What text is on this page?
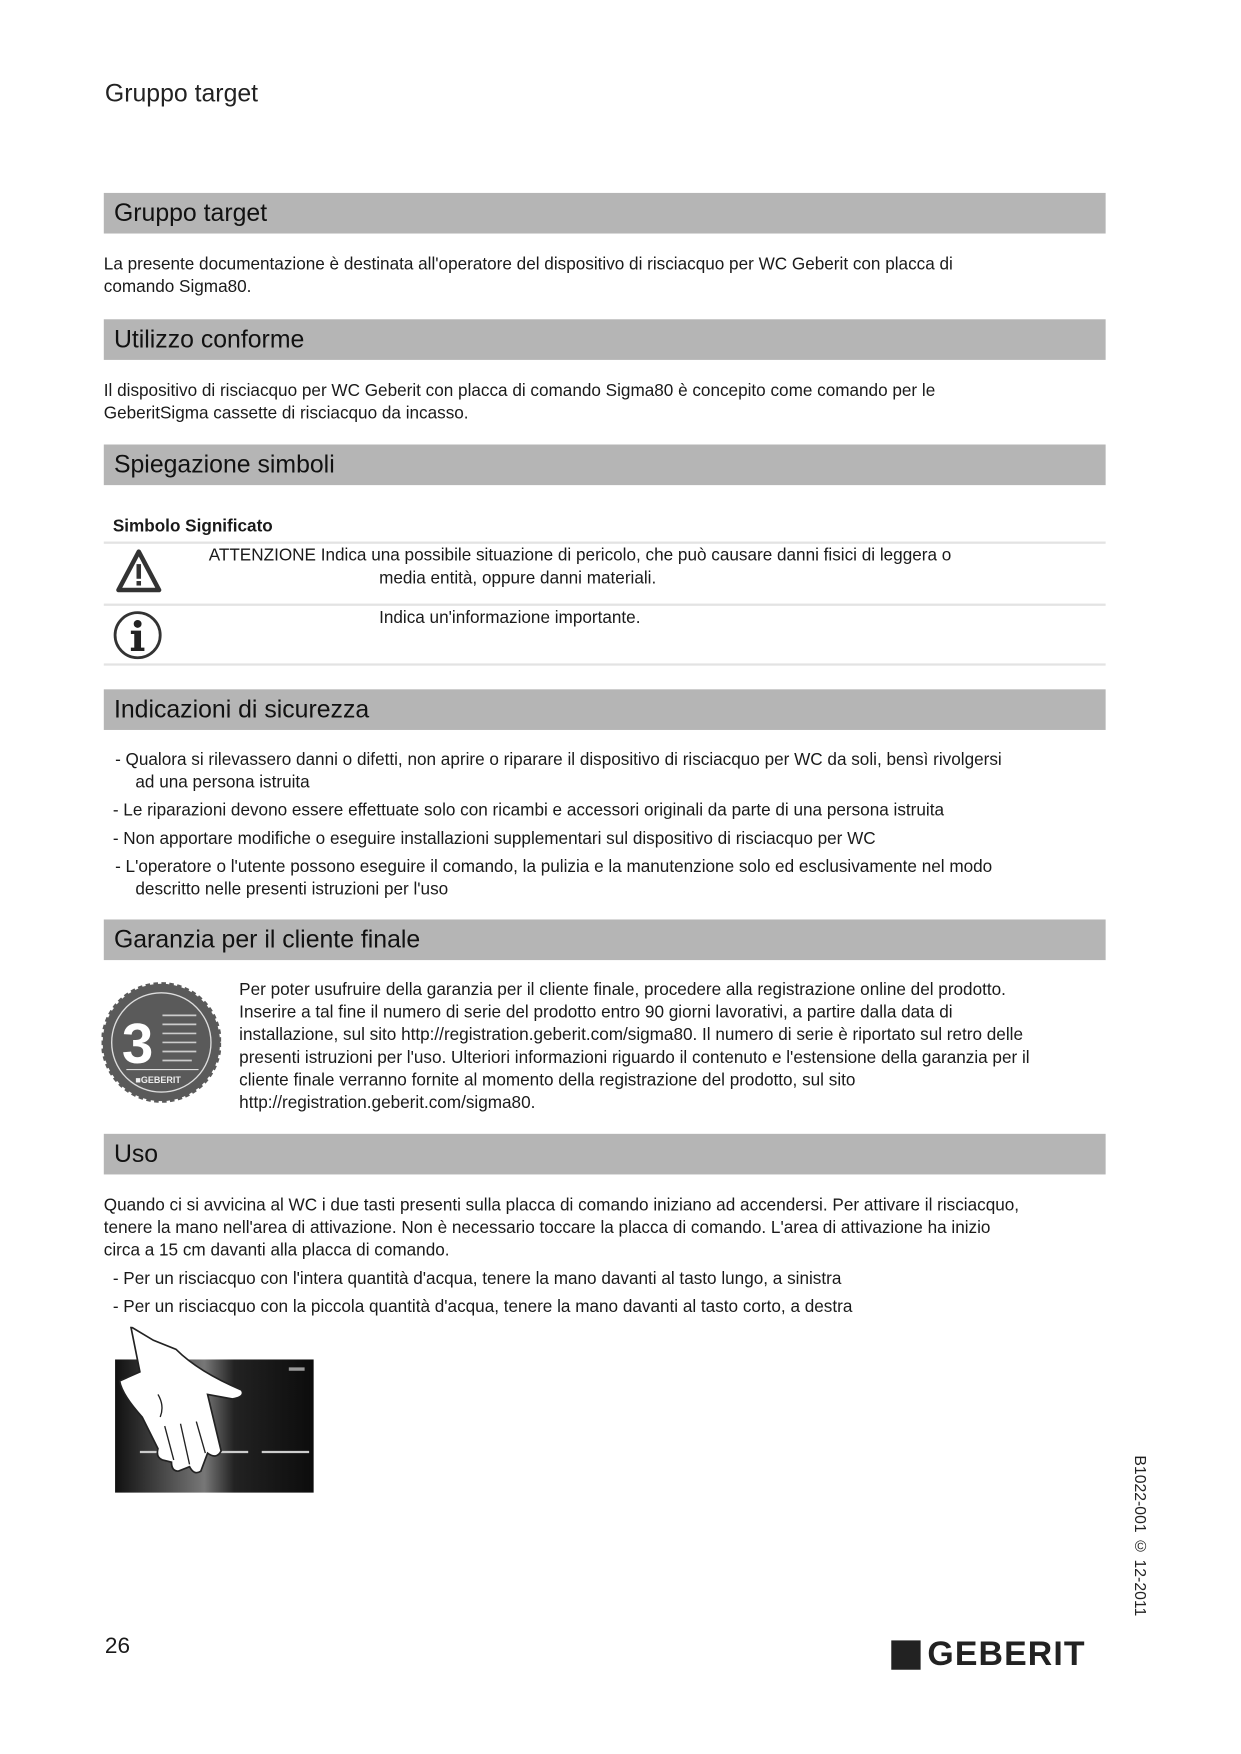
Gruppo target
Gruppo target
La presente documentazione è destinata all'operatore del dispositivo di risciacquo per WC Geberit con placca di
comando Sigma80.
Utilizzo conforme
Il dispositivo di risciacquo per WC Geberit con placca di comando Sigma80 è concepito come comando per le
GeberitSigma cassette di risciacquo da incasso.
Spiegazione simboli
Simbolo Significato
ATTENZIONE Indica una possibile situazione di pericolo, che può causare danni fisici di leggera o
media entità, oppure danni materiali.
Indica un'informazione importante.
Indicazioni di sicurezza
- Qualora si rilevassero danni o difetti, non aprire o riparare il dispositivo di risciacquo per WC da soli, bensì rivolgersi
ad una persona istruita
- Le riparazioni devono essere effettuate solo con ricambi e accessori originali da parte di una persona istruita
- Non apportare modifiche o eseguire installazioni supplementari sul dispositivo di risciacquo per WC
- L'operatore o l'utente possono eseguire il comando, la pulizia e la manutenzione solo ed esclusivamente nel modo
descritto nelle presenti istruzioni per l'uso
Garanzia per il cliente finale
3
■GEBERIT
Per poter usufruire della garanzia per il cliente finale, procedere alla registrazione online del prodotto.
Inserire a tal fine il numero di serie del prodotto entro 90 giorni lavorativi, a partire dalla data di
installazione, sul sito http://registration.geberit.com/sigma80. Il numero di serie è riportato sul retro delle
presenti istruzioni per l'uso. Ulteriori informazioni riguardo il contenuto e l'estensione della garanzia per il
cliente finale verranno fornite al momento della registrazione del prodotto, sul sito
http://registration.geberit.com/sigma80.
Uso
Quando ci si avvicina al WC i due tasti presenti sulla placca di comando iniziano ad accendersi. Per attivare il risciacquo,
tenere la mano nell'area di attivazione. Non è necessario toccare la placca di comando. L'area di attivazione ha inizio
circa a 15 cm davanti alla placca di comando.
- Per un risciacquo con l'intera quantità d'acqua, tenere la mano davanti al tasto lungo, a sinistra
- Per un risciacquo con la piccola quantità d'acqua, tenere la mano davanti al tasto corto, a destra
26	GEBERIT
B1022-001 © 12-2011
